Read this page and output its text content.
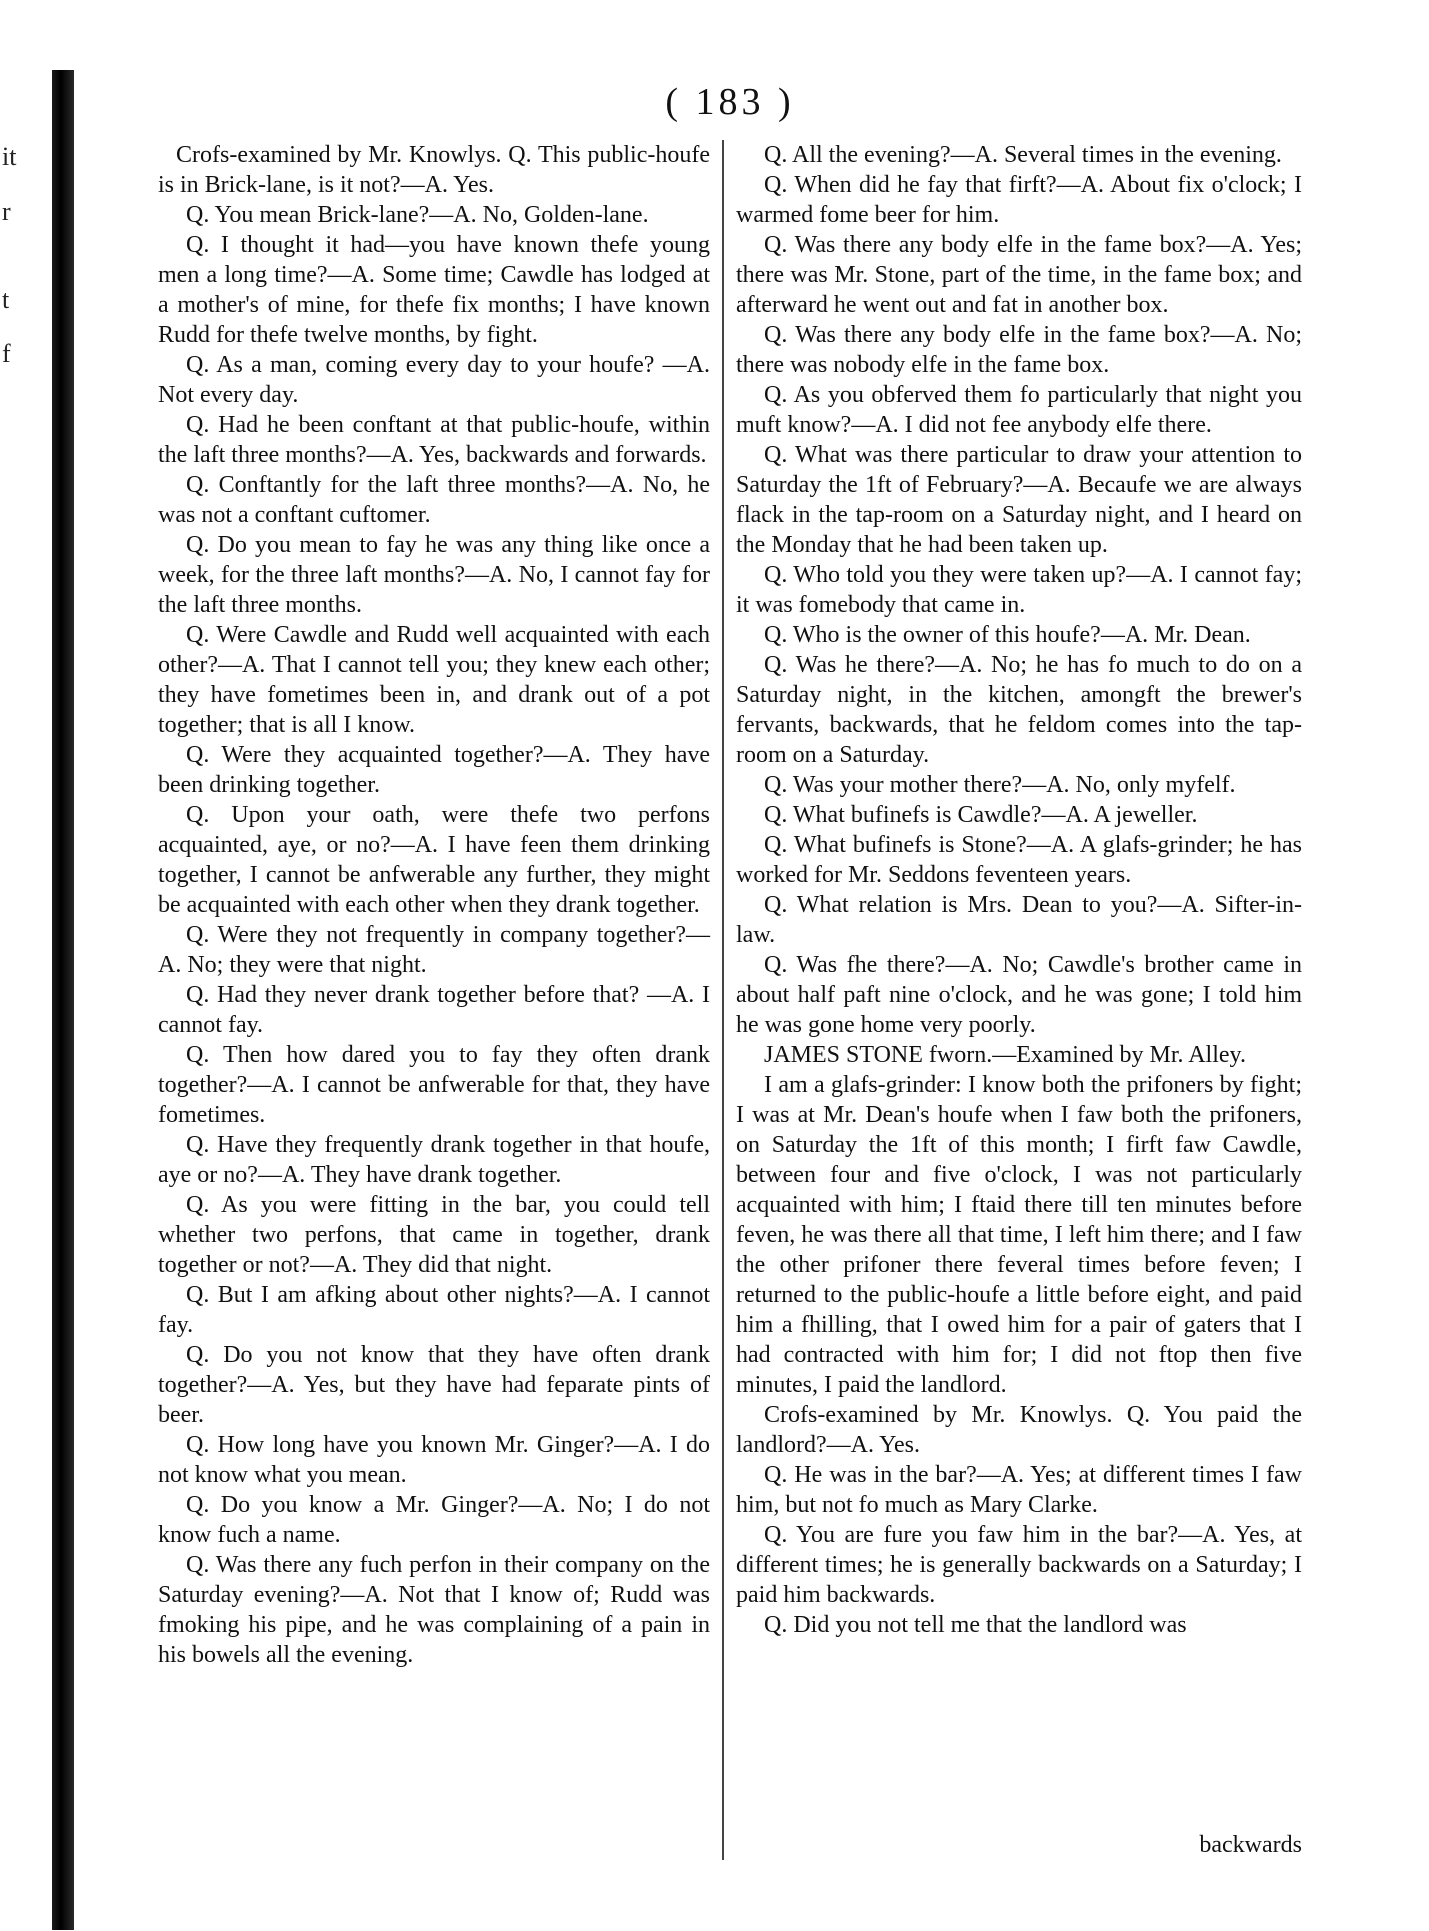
it
r
t
f
( 183 )

Crofs-examined by Mr. Knowlys. Q. This public-houfe is in Brick-lane, is it not?—A. Yes.

Q. You mean Brick-lane?—A. No, Golden-lane.

Q. I thought it had—you have known thefe young men a long time?—A. Some time; Cawdle has lodged at a mother's of mine, for thefe fix months; I have known Rudd for thefe twelve months, by fight.

Q. As a man, coming every day to your houfe? —A. Not every day.

Q. Had he been conftant at that public-houfe, within the laft three months?—A. Yes, backwards and forwards.

Q. Conftantly for the laft three months?—A. No, he was not a conftant cuftomer.

Q. Do you mean to fay he was any thing like once a week, for the three laft months?—A. No, I cannot fay for the laft three months.

Q. Were Cawdle and Rudd well acquainted with each other?—A. That I cannot tell you; they knew each other; they have fometimes been in, and drank out of a pot together; that is all I know.

Q. Were they acquainted together?—A. They have been drinking together.

Q. Upon your oath, were thefe two perfons acquainted, aye, or no?—A. I have feen them drinking together, I cannot be anfwerable any further, they might be acquainted with each other when they drank together.

Q. Were they not frequently in company together?—A. No; they were that night.

Q. Had they never drank together before that? —A. I cannot fay.

Q. Then how dared you to fay they often drank together?—A. I cannot be anfwerable for that, they have fometimes.

Q. Have they frequently drank together in that houfe, aye or no?—A. They have drank together.

Q. As you were fitting in the bar, you could tell whether two perfons, that came in together, drank together or not?—A. They did that night.

Q. But I am afking about other nights?—A. I cannot fay.

Q. Do you not know that they have often drank together?—A. Yes, but they have had feparate pints of beer.

Q. How long have you known Mr. Ginger?—A. I do not know what you mean.

Q. Do you know a Mr. Ginger?—A. No; I do not know fuch a name.

Q. Was there any fuch perfon in their company on the Saturday evening?—A. Not that I know of; Rudd was fmoking his pipe, and he was complaining of a pain in his bowels all the evening.

Q. All the evening?—A. Several times in the evening.

Q. When did he fay that firft?—A. About fix o'clock; I warmed fome beer for him.

Q. Was there any body elfe in the fame box?—A. Yes; there was Mr. Stone, part of the time, in the fame box; and afterward he went out and fat in another box.

Q. Was there any body elfe in the fame box?—A. No; there was nobody elfe in the fame box.

Q. As you obferved them fo particularly that night you muft know?—A. I did not fee anybody elfe there.

Q. What was there particular to draw your attention to Saturday the 1ft of February?—A. Becaufe we are always flack in the tap-room on a Saturday night, and I heard on the Monday that he had been taken up.

Q. Who told you they were taken up?—A. I cannot fay; it was fomebody that came in.

Q. Who is the owner of this houfe?—A. Mr. Dean.

Q. Was he there?—A. No; he has fo much to do on a Saturday night, in the kitchen, amongft the brewer's fervants, backwards, that he feldom comes into the tap-room on a Saturday.

Q. Was your mother there?—A. No, only myfelf.

Q. What bufinefs is Cawdle?—A. A jeweller.

Q. What bufinefs is Stone?—A. A glafs-grinder; he has worked for Mr. Seddons feventeen years.

Q. What relation is Mrs. Dean to you?—A. Sifter-in-law.

Q. Was fhe there?—A. No; Cawdle's brother came in about half paft nine o'clock, and he was gone; I told him he was gone home very poorly.

JAMES STONE fworn.—Examined by Mr. Alley.

I am a glafs-grinder: I know both the prifoners by fight; I was at Mr. Dean's houfe when I faw both the prifoners, on Saturday the 1ft of this month; I firft faw Cawdle, between four and five o'clock, I was not particularly acquainted with him; I ftaid there till ten minutes before feven, he was there all that time, I left him there; and I faw the other prifoner there feveral times before feven; I returned to the public-houfe a little before eight, and paid him a fhilling, that I owed him for a pair of gaters that I had contracted with him for; I did not ftop then five minutes, I paid the landlord.

Crofs-examined by Mr. Knowlys. Q. You paid the landlord?—A. Yes.

Q. He was in the bar?—A. Yes; at different times I faw him, but not fo much as Mary Clarke.

Q. You are fure you faw him in the bar?—A. Yes, at different times; he is generally backwards on a Saturday; I paid him backwards.

Q. Did you not tell me that the landlord was

backwards
